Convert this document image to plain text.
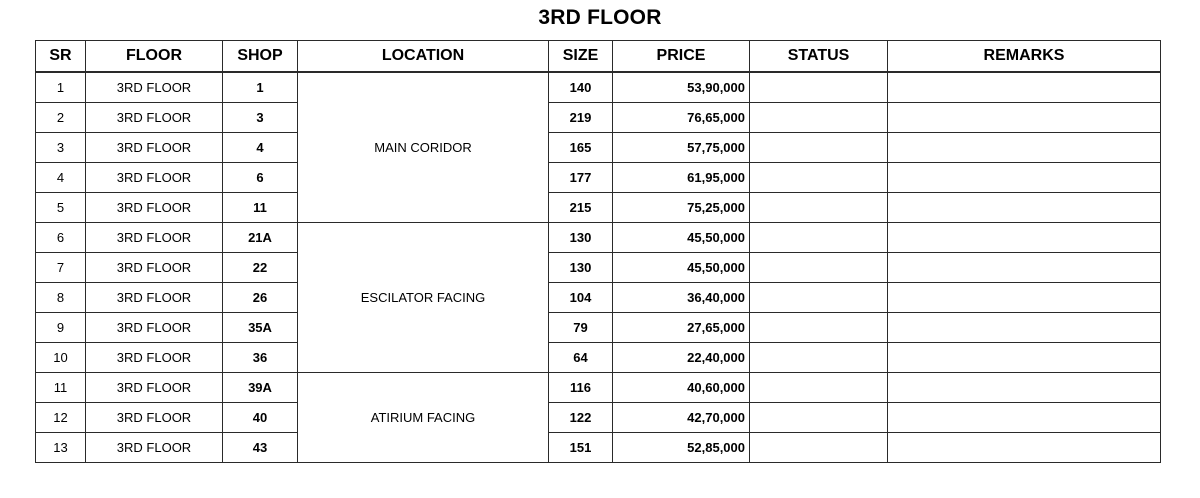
3RD FLOOR
SR	FLOOR	SHOP	LOCATION	SIZE	PRICE	STATUS	REMARKS
1	3RD FLOOR	1	MAIN CORIDOR	140	53,90,000		
2	3RD FLOOR	3		219	76,65,000		
3	3RD FLOOR	4		165	57,75,000		
4	3RD FLOOR	6		177	61,95,000		
5	3RD FLOOR	11		215	75,25,000		
6	3RD FLOOR	21A	ESCILATOR FACING	130	45,50,000		
7	3RD FLOOR	22		130	45,50,000		
8	3RD FLOOR	26		104	36,40,000		
9	3RD FLOOR	35A		79	27,65,000		
10	3RD FLOOR	36		64	22,40,000		
11	3RD FLOOR	39A	ATIRIUM FACING	116	40,60,000		
12	3RD FLOOR	40		122	42,70,000		
13	3RD FLOOR	43		151	52,85,000		
